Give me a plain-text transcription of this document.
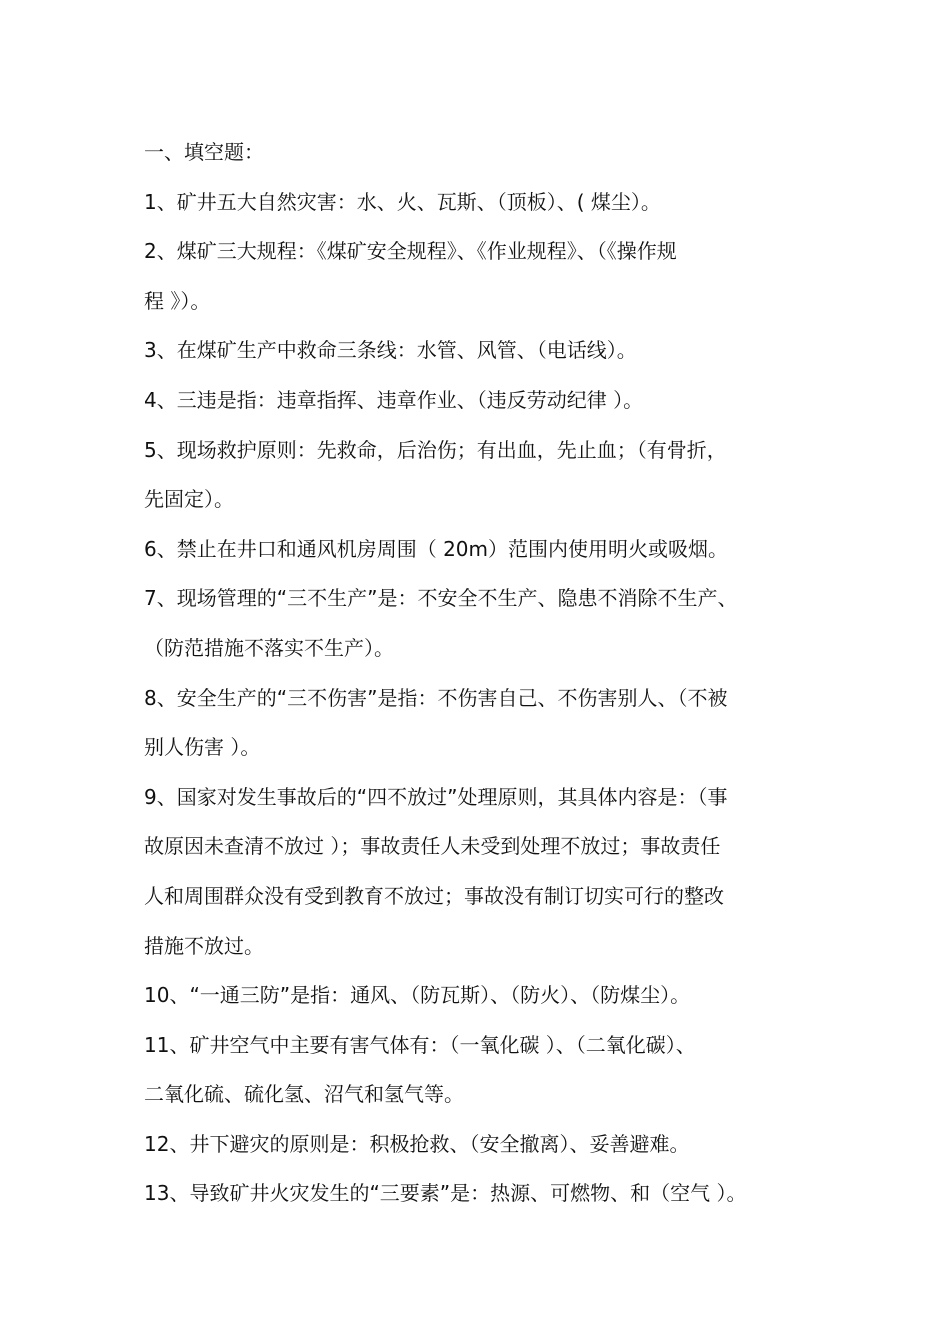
一、填空题：
1、矿井五大自然灾害：水、火、瓦斯、（顶板）、( 煤尘）。
2、煤矿三大规程：《煤矿安全规程》、《作业规程》、（《操作规
程 》）。
3、在煤矿生产中救命三条线：水管、风管、（电话线）。
4、三违是指：违章指挥、违章作业、（违反劳动纪律 ）。
5、现场救护原则：先救命，后治伤；有出血，先止血；（有骨折，
先固定）。
6、禁止在井口和通风机房周围（ 20m）范围内使用明火或吸烟。
7、现场管理的“三不生产”是：不安全不生产、隐患不消除不生产、
（防范措施不落实不生产）。
8、安全生产的“三不伤害”是指：不伤害自己、不伤害别人、（不被
别人伤害 ）。
9、国家对发生事故后的“四不放过”处理原则，其具体内容是：（事
故原因未查清不放过 ）；事故责任人未受到处理不放过；事故责任
人和周围群众没有受到教育不放过；事故没有制订切实可行的整改
措施不放过。
10、“一通三防”是指：通风、（防瓦斯）、（防火）、（防煤尘）。
11、矿井空气中主要有害气体有：（一氧化碳 ）、（二氧化碳）、
二氧化硫、硫化氢、沼气和氢气等。
12、井下避灾的原则是：积极抢救、（安全撤离）、妥善避难。
13、导致矿井火灾发生的“三要素”是：热源、可燃物、和（空气 ）。
